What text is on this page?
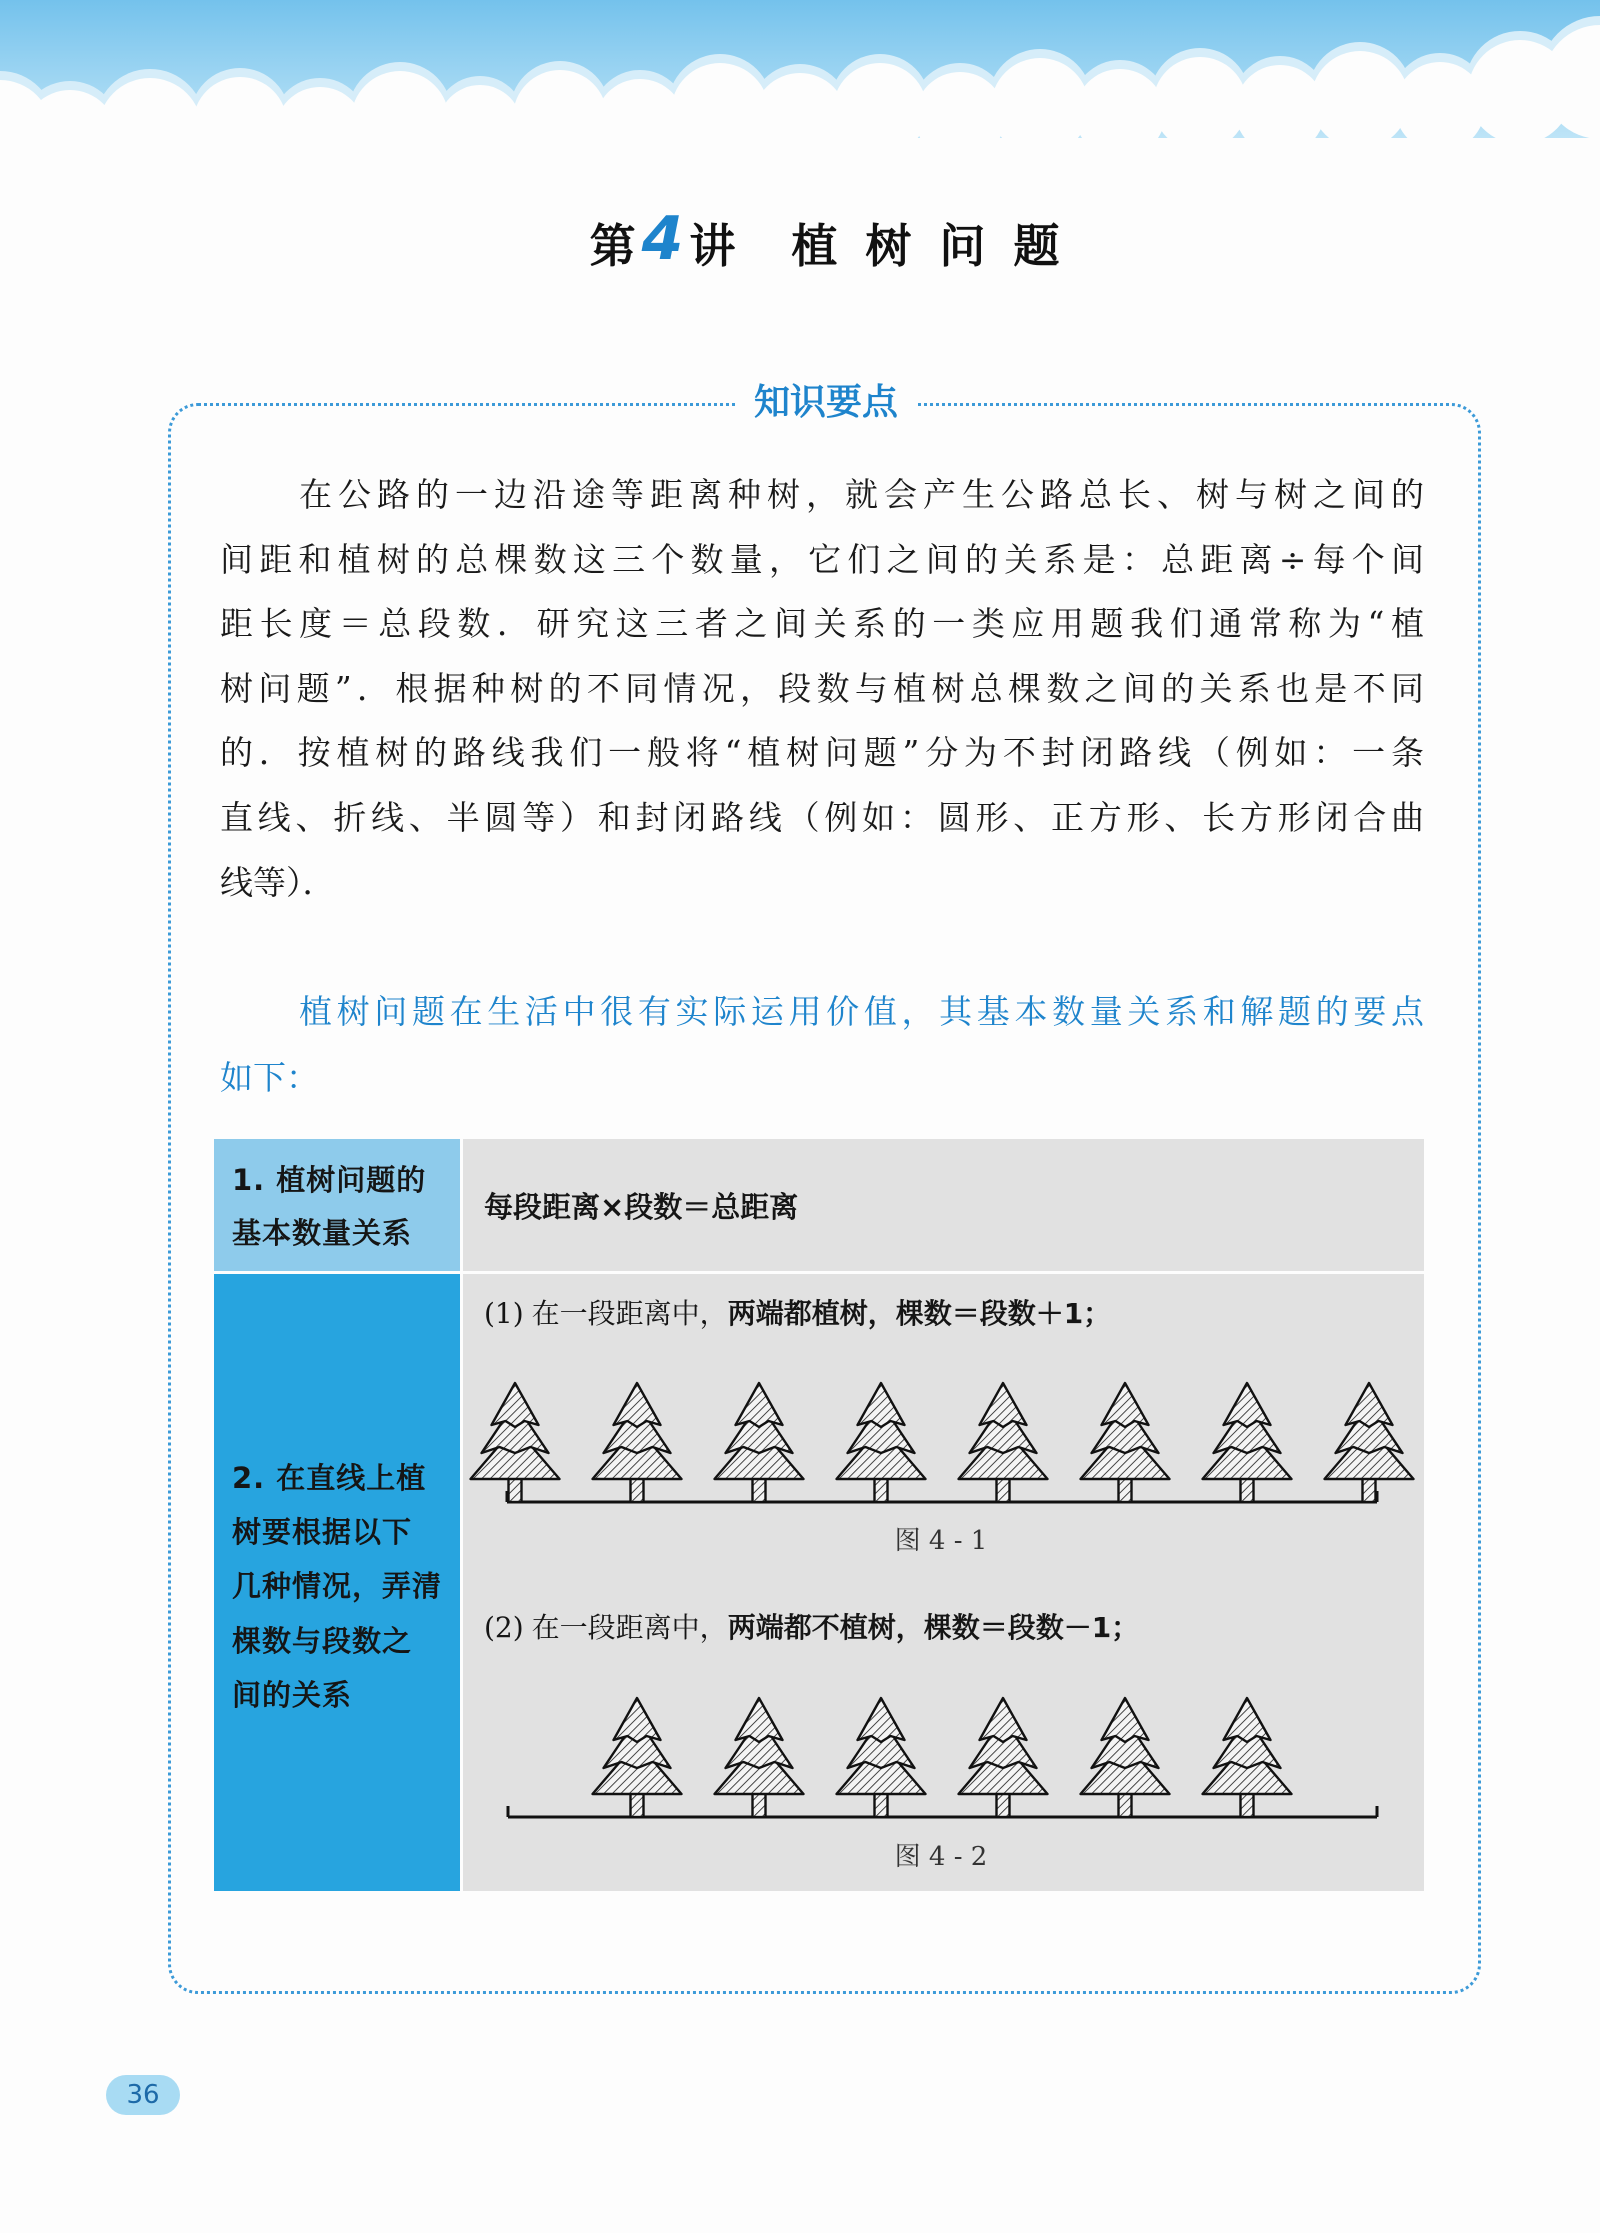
第 4 讲 植树问题
知识要点
在公路的一边沿途等距离种树，就会产生公路总长、树与树之间的
间距和植树的总棵数这三个数量，它们之间的关系是：总距离÷每个间
距长度＝总段数．研究这三者之间关系的一类应用题我们通常称为“植
树问题”．根据种树的不同情况，段数与植树总棵数之间的关系也是不同
的．按植树的路线我们一般将“植树问题”分为不封闭路线（例如：一条
直线、折线、半圆等）和封闭路线（例如：圆形、正方形、长方形闭合曲
线等）．
植树问题在生活中很有实际运用价值，其基本数量关系和解题的要点
如下：
1. 植树问题的
基本数量关系
每段距离×段数＝总距离
2. 在直线上植
树要根据以下
几种情况，弄清
棵数与段数之
间的关系
(1) 在一段距离中，两端都植树，棵数＝段数＋1；
(2) 在一段距离中，两端都不植树，棵数＝段数－1；
图 4 - 1
图 4 - 2
36
